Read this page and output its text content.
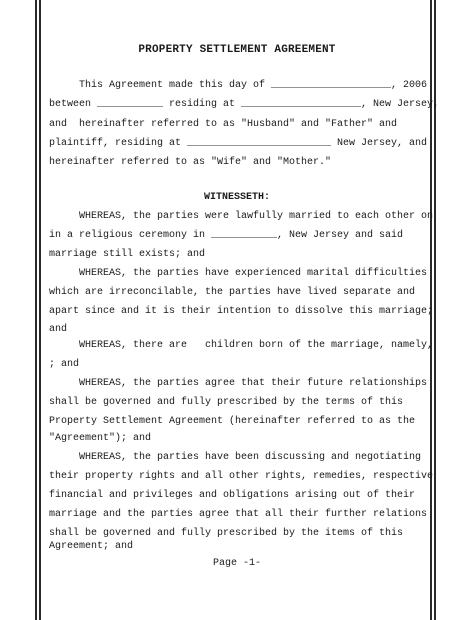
PROPERTY SETTLEMENT AGREEMENT
This Agreement made this day of ____________________, 2006
between ___________ residing at ____________________, New Jersey,
and  hereinafter referred to as "Husband" and "Father" and
plaintiff, residing at ________________________ New Jersey, and
hereinafter referred to as "Wife" and "Mother."
WITNESSETH:
WHEREAS, the parties were lawfully married to each other on
in a religious ceremony in ___________, New Jersey and said
marriage still exists; and
WHEREAS, the parties have experienced marital difficulties
which are irreconcilable, the parties have lived separate and
apart since and it is their intention to dissolve this marriage;
and
WHEREAS, there are   children born of the marriage, namely,
; and
WHEREAS, the parties agree that their future relationships
shall be governed and fully prescribed by the terms of this
Property Settlement Agreement (hereinafter referred to as the
"Agreement"); and
WHEREAS, the parties have been discussing and negotiating
their property rights and all other rights, remedies, respective
financial and privileges and obligations arising out of their
marriage and the parties agree that all their further relations
shall be governed and fully prescribed by the items of this
Agreement; and
Page -1-
